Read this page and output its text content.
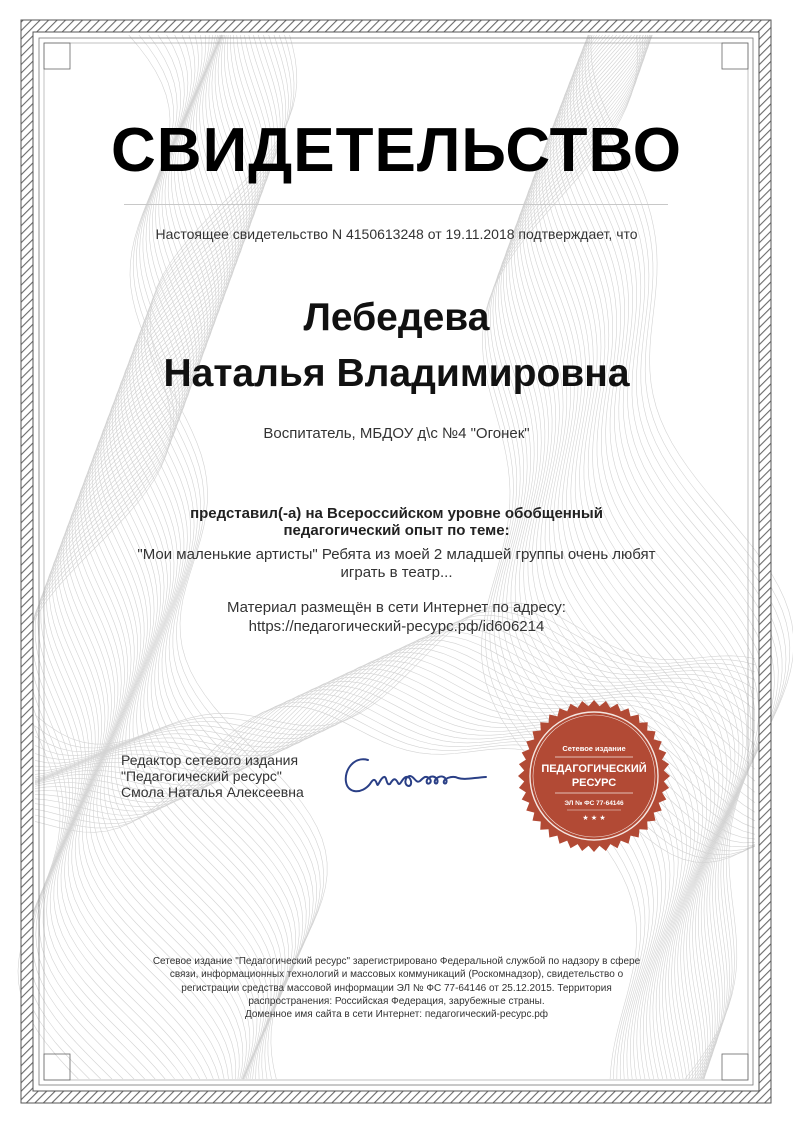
СВИДЕТЕЛЬСТВО
Настоящее свидетельство N 4150613248 от 19.11.2018 подтверждает, что
Лебедева
Наталья Владимировна
Воспитатель, МБДОУ д\с №4 "Огонек"
представил(-а) на Всероссийском уровне обобщенный
педагогический опыт по теме:
"Мои маленькие артисты" Ребята из моей 2 младшей группы очень любят
играть в театр...
Материал размещён в сети Интернет по адресу:
https://педагогический-ресурс.рф/id606214
Редактор сетевого издания
"Педагогический ресурс"
Смола Наталья Алексеевна
Сетевое издание
ПЕДАГОГИЧЕСКИЙ
РЕСУРС
ЭЛ № ФС 77-64146
★ ★ ★
Сетевое издание "Педагогический ресурс" зарегистрировано Федеральной службой по надзору в сфере
связи, информационных технологий и массовых коммуникаций (Роскомнадзор), свидетельство о
регистрации средства массовой информации ЭЛ № ФС 77-64146 от 25.12.2015. Территория
распространения: Российская Федерация, зарубежные страны.
Доменное имя сайта в сети Интернет: педагогический-ресурс.рф
